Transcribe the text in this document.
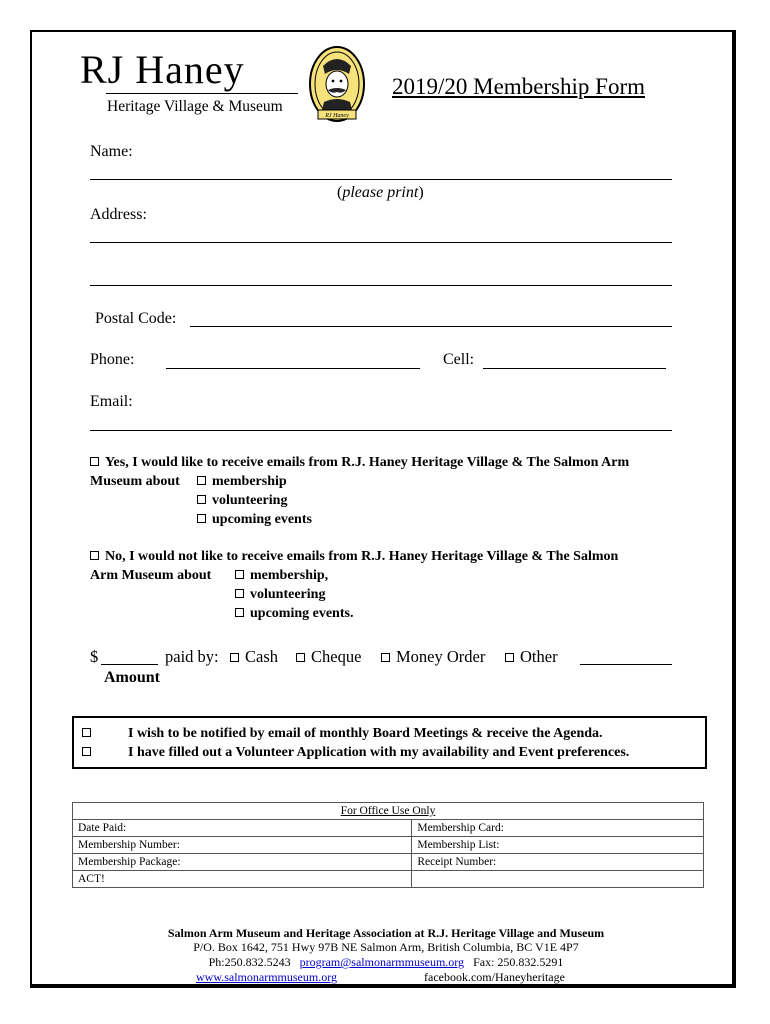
RJ Haney
Heritage Village & Museum
RJ Haney
2019/20 Membership Form
Name:
(please print)
Address:
Postal Code:
Phone:	Cell:
Email:
Yes, I would like to receive emails from R.J. Haney Heritage Village & The Salmon Arm
Museum about	membership
volunteering
upcoming events
No, I would not like to receive emails from R.J. Haney Heritage Village & The Salmon
Arm Museum about	membership,
volunteering
upcoming events.
$	paid by:	Cash	Cheque	Money Order	Other
Amount
I wish to be notified by email of monthly Board Meetings & receive the Agenda.
I have filled out a Volunteer Application with my availability and Event preferences.
For Office Use Only	
Date Paid:	Membership Card:
Membership Number:	Membership List:
Membership Package:	Receipt Number:
ACT!	
Salmon Arm Museum and Heritage Association at R.J. Heritage Village and Museum
P/O. Box 1642, 751 Hwy 97B NE Salmon Arm, British Columbia, BC V1E 4P7
Ph:250.832.5243 program@salmonarmmuseum.org Fax: 250.832.5291
www.salmonarmmuseum.org	facebook.com/Haneyheritage
